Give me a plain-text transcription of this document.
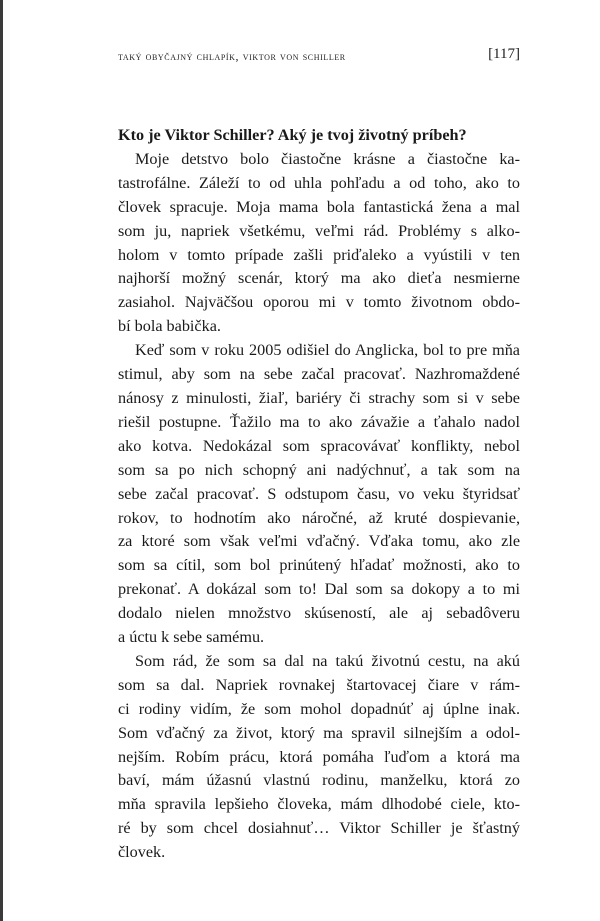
taký obyčajný chlapík, viktor von schiller	[117]
Kto je Viktor Schiller? Aký je tvoj životný príbeh?
Moje detstvo bolo čiastočne krásne a čiastočne ka-
tastrofálne. Záleží to od uhla pohľadu a od toho, ako to
človek spracuje. Moja mama bola fantastická žena a mal
som ju, napriek všetkému, veľmi rád. Problémy s alko-
holom v tomto prípade zašli priďaleko a vyústili v ten
najhorší možný scenár, ktorý ma ako dieťa nesmierne
zasiahol. Najväčšou oporou mi v tomto životnom obdo-
bí bola babička.
Keď som v roku 2005 odišiel do Anglicka, bol to pre mňa
stimul, aby som na sebe začal pracovať. Nazhromaždené
nánosy z minulosti, žiaľ, bariéry či strachy som si v sebe
riešil postupne. Ťažilo ma to ako závažie a ťahalo nadol
ako kotva. Nedokázal som spracovávať konflikty, nebol
som sa po nich schopný ani nadýchnuť, a tak som na
sebe začal pracovať. S odstupom času, vo veku štyridsať
rokov, to hodnotím ako náročné, až kruté dospievanie,
za ktoré som však veľmi vďačný. Vďaka tomu, ako zle
som sa cítil, som bol prinútený hľadať možnosti, ako to
prekonať. A dokázal som to! Dal som sa dokopy a to mi
dodalo nielen množstvo skúseností, ale aj sebadôveru
a úctu k sebe samému.
Som rád, že som sa dal na takú životnú cestu, na akú
som sa dal. Napriek rovnakej štartovacej čiare v rám-
ci rodiny vidím, že som mohol dopadnúť aj úplne inak.
Som vďačný za život, ktorý ma spravil silnejším a odol-
nejším. Robím prácu, ktorá pomáha ľuďom a ktorá ma
baví, mám úžasnú vlastnú rodinu, manželku, ktorá zo
mňa spravila lepšieho človeka, mám dlhodobé ciele, kto-
ré by som chcel dosiahnuť… Viktor Schiller je šťastný
človek.
